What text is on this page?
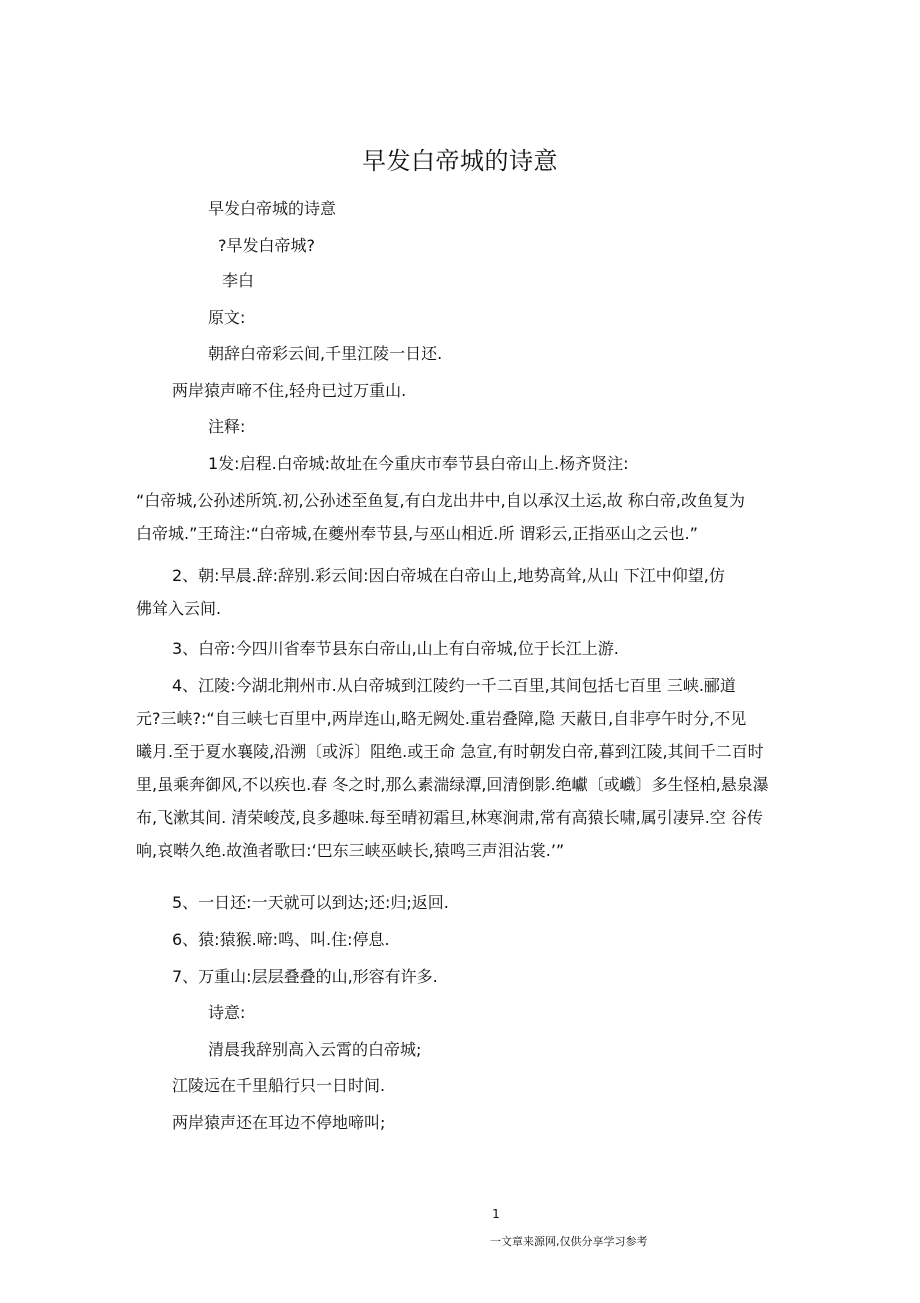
早发白帝城的诗意
早发白帝城的诗意
?早发白帝城?
李白
原文:
朝辞白帝彩云间,千里江陵一日还.
两岸猿声啼不住,轻舟已过万重山.
注释:
1发:启程.白帝城:故址在今重庆市奉节县白帝山上.杨齐贤注:
“白帝城,公孙述所筑.初,公孙述至鱼复,有白龙出井中,自以承汉土运,故 称白帝,改鱼复为
白帝城.”王琦注:“白帝城,在夔州奉节县,与巫山相近.所 谓彩云,正指巫山之云也.”
2、朝:早晨.辞:辞别.彩云间:因白帝城在白帝山上,地势高耸,从山 下江中仰望,仿
佛耸入云间.
3、白帝:今四川省奉节县东白帝山,山上有白帝城,位于长江上游.
4、江陵:今湖北荆州市.从白帝城到江陵约一千二百里,其间包括七百里 三峡.郦道
元?三峡?:“自三峡七百里中,两岸连山,略无阙处.重岩叠障,隐 天蔽日,自非亭午时分,不见
曦月.至于夏水襄陵,沿溯〔或泝〕阻绝.或王命 急宣,有时朝发白帝,暮到江陵,其间千二百时
里,虽乘奔御风,不以疾也.春 冬之时,那么素湍绿潭,回清倒影.绝巘〔或巇〕多生怪柏,悬泉瀑
布,飞漱其间. 清荣峻茂,良多趣味.每至晴初霜旦,林寒涧肃,常有高猿长啸,属引凄异.空 谷传
响,哀啭久绝.故渔者歌曰:‘巴东三峡巫峡长,猿鸣三声泪沾裳.’”
5、一日还:一天就可以到达;还:归;返回.
6、猿:猿猴.啼:鸣、叫.住:停息.
7、万重山:层层叠叠的山,形容有许多.
诗意:
清晨我辞别高入云霄的白帝城;
江陵远在千里船行只一日时间.
两岸猿声还在耳边不停地啼叫;
1
一文章来源网,仅供分享学习参考
